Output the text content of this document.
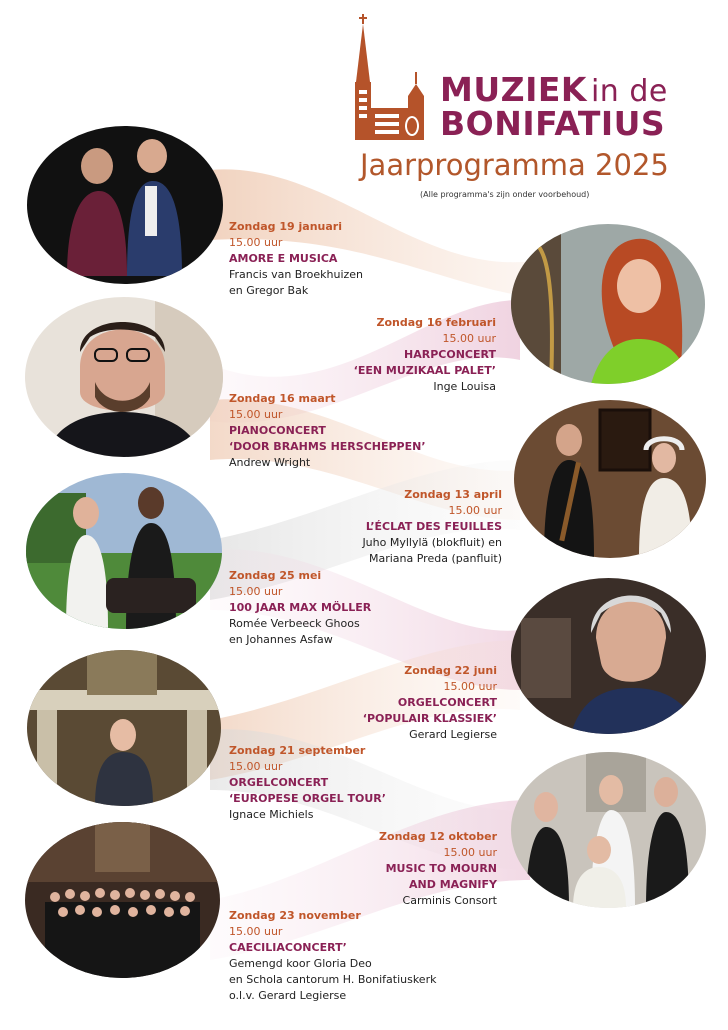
MUZIEK in de
BONIFATIUS
Jaarprogramma 2025
(Alle programma's zijn onder voorbehoud)
Zondag 19 januari
15.00 uur
AMORE E MUSICA
Francis van Broekhuizen
en Gregor Bak
Zondag 16 februari
15.00 uur
HARPCONCERT
‘EEN MUZIKAAL PALET’
Inge Louisa
Zondag 16 maart
15.00 uur
PIANOCONCERT
‘DOOR BRAHMS HERSCHEPPEN’
Andrew Wright
Zondag 13 april
15.00 uur
L’ÉCLAT DES FEUILLES
Juho Myllylä (blokfluit) en
Mariana Preda (panfluit)
Zondag 25 mei
15.00 uur
100 JAAR MAX MÖLLER
Romée Verbeeck Ghoos
en Johannes Asfaw
Zondag 22 juni
15.00 uur
ORGELCONCERT
‘POPULAIR KLASSIEK’
Gerard Legierse
Zondag 21 september
15.00 uur
ORGELCONCERT
‘EUROPESE ORGEL TOUR’
Ignace Michiels
Zondag 12 oktober
15.00 uur
MUSIC TO MOURN
AND MAGNIFY
Carminis Consort
Zondag 23 november
15.00 uur
CAECILIACONCERT’
Gemengd koor Gloria Deo
en Schola cantorum H. Bonifatiuskerk
o.l.v. Gerard Legierse
